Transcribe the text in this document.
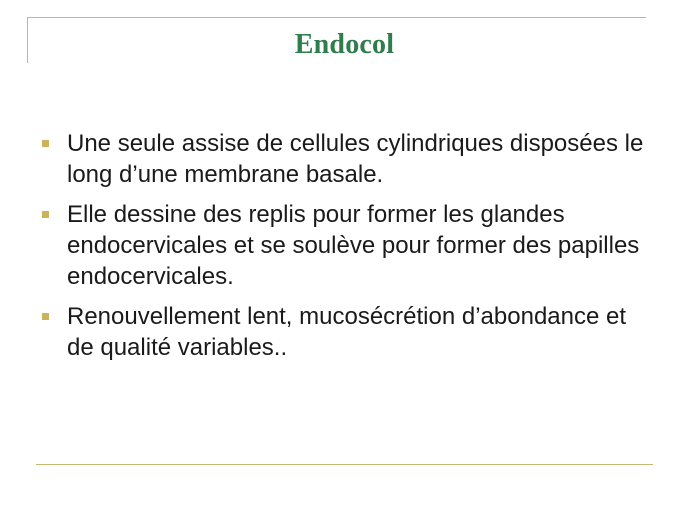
Endocol
Une seule assise de cellules cylindriques disposées le long d’une membrane basale.
Elle dessine des replis pour former les glandes endocervicales et se soulève pour former des papilles endocervicales.
Renouvellement lent, mucosécrétion d’abondance et de qualité variables..
